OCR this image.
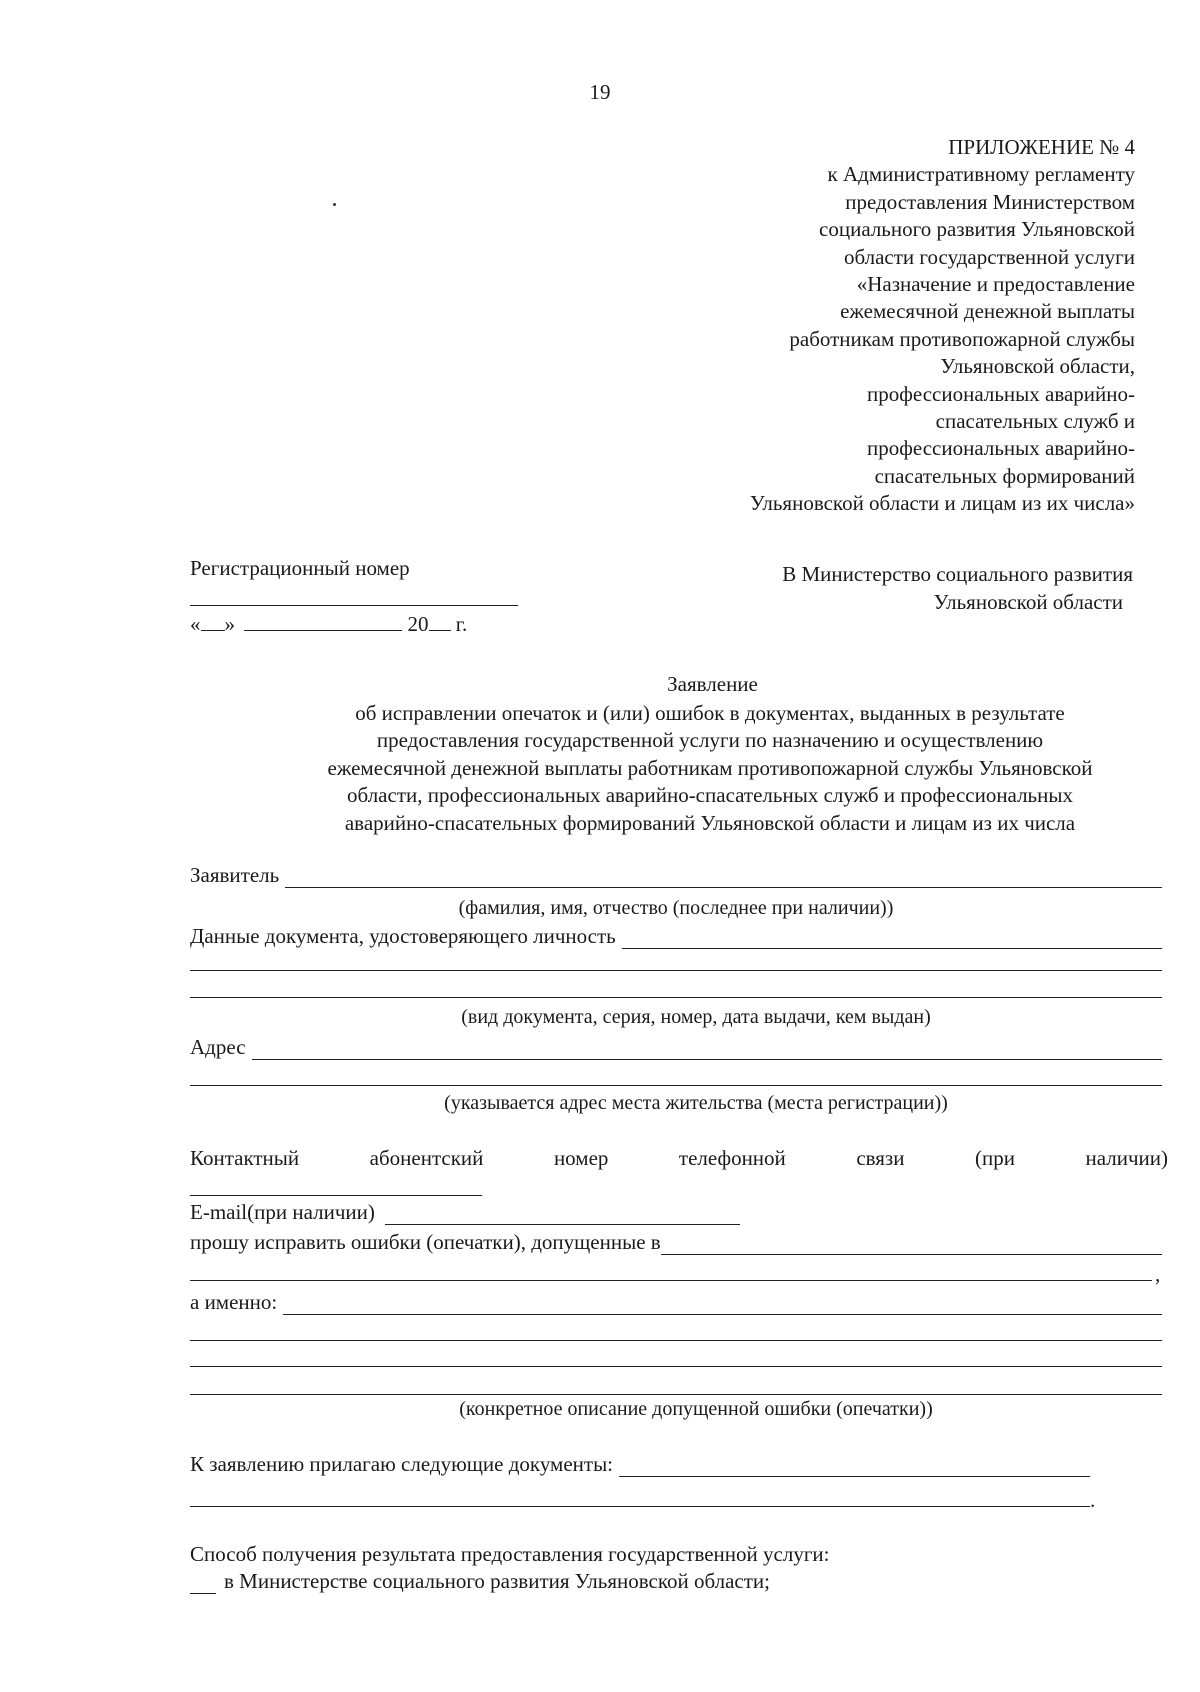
19
ПРИЛОЖЕНИЕ № 4
к Административному регламенту
предоставления Министерством
социального развития Ульяновской
области государственной услуги
«Назначение и предоставление
ежемесячной денежной выплаты
работникам противопожарной службы
Ульяновской области,
профессиональных аварийно-
спасательных служб и
профессиональных аварийно-
спасательных формирований
Ульяновской области и лицам из их числа»
Регистрационный номер
« »	20 г.
В Министерство социального развития
Ульяновской области
Заявление
об исправлении опечаток и (или) ошибок в документах, выданных в результате
предоставления государственной услуги по назначению и осуществлению
ежемесячной денежной выплаты работникам противопожарной службы Ульяновской
области, профессиональных аварийно-спасательных служб и профессиональных
аварийно-спасательных формирований Ульяновской области и лицам из их числа
Заявитель
(фамилия, имя, отчество (последнее при наличии))
Данные документа, удостоверяющего личность
(вид документа, серия, номер, дата выдачи, кем выдан)
Адрес
(указывается адрес места жительства (места регистрации))
Контактный	абонентский	номер	телефонной	связи	(при	наличии)
E-mail(при наличии)
прошу исправить ошибки (опечатки), допущенные в
,
а именно:
(конкретное описание допущенной ошибки (опечатки))
К заявлению прилагаю следующие документы:
.
Способ получения результата предоставления государственной услуги:
в Министерстве социального развития Ульяновской области;
